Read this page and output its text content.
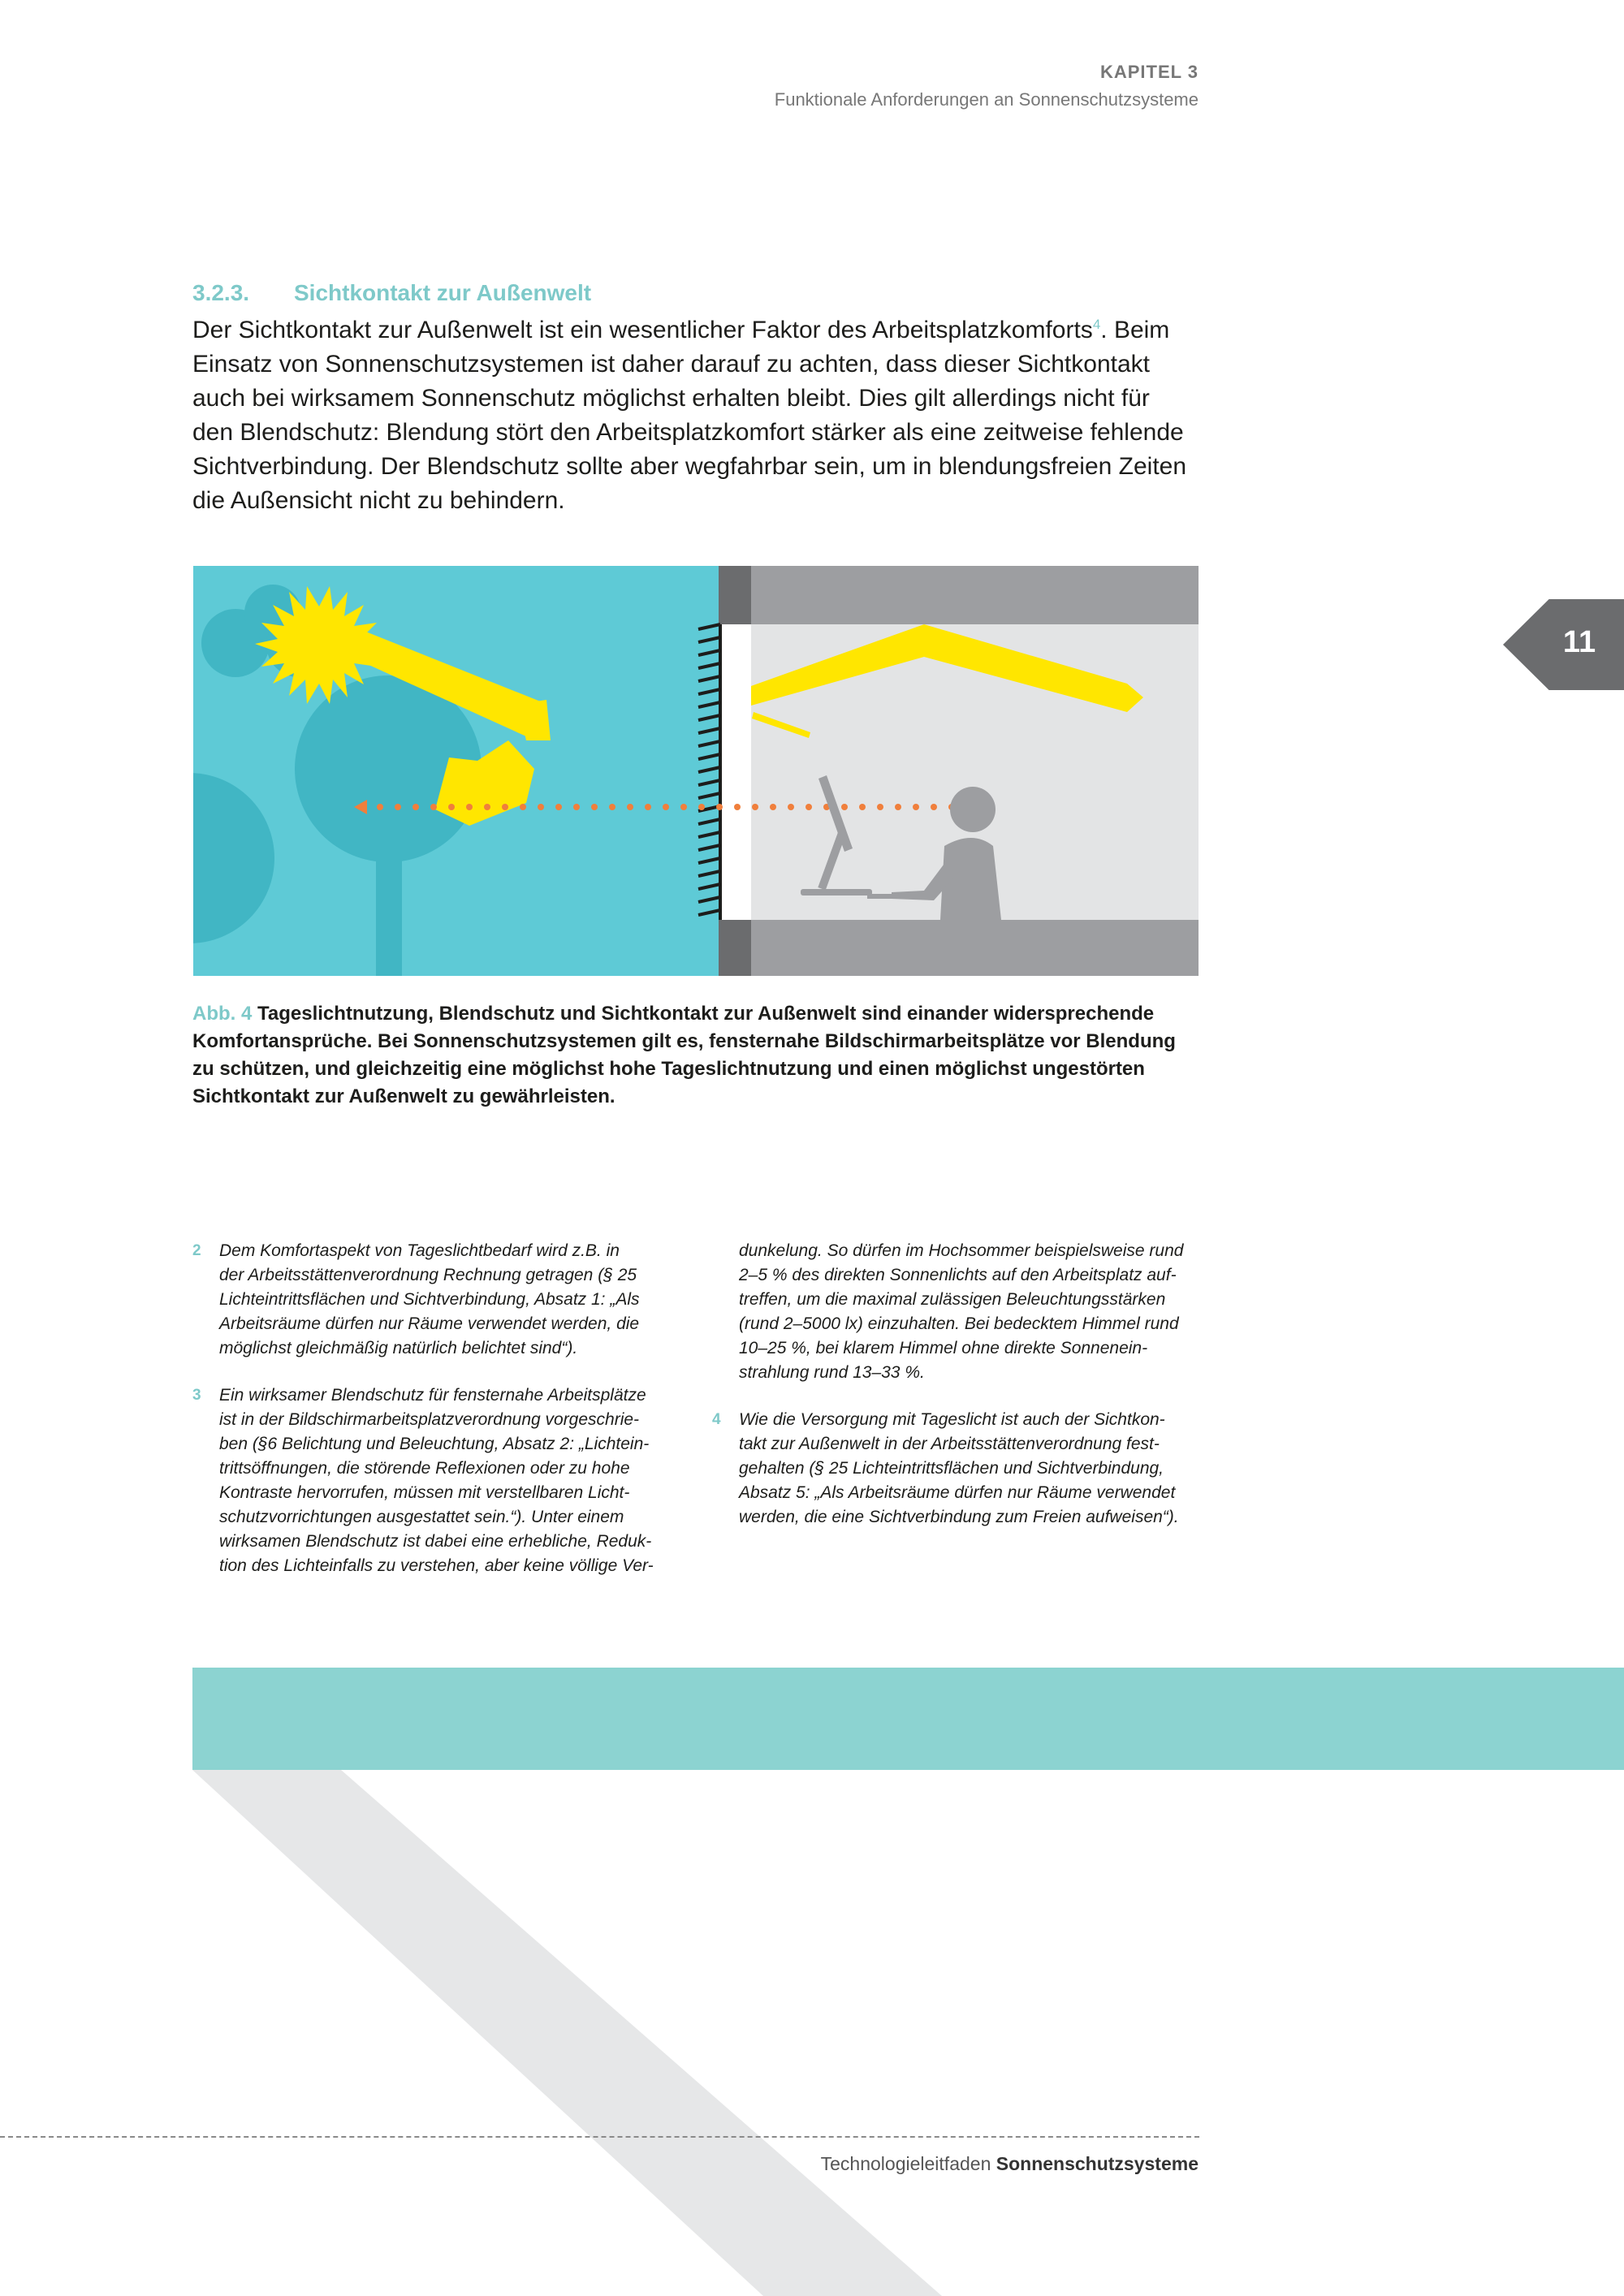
KAPITEL 3
Funktionale Anforderungen an Sonnenschutzsysteme
11
3.2.3. Sichtkontakt zur Außenwelt
Der Sichtkontakt zur Außenwelt ist ein wesentlicher Faktor des Arbeitsplatzkomforts$^4$. Beim
Einsatz von Sonnenschutzsystemen ist daher darauf zu achten, dass dieser Sichtkontakt
auch bei wirksamem Sonnenschutz möglichst erhalten bleibt. Dies gilt allerdings nicht für
den Blendschutz: Blendung stört den Arbeitsplatzkomfort stärker als eine zeitweise fehlende
Sichtverbindung. Der Blendschutz sollte aber wegfahrbar sein, um in blendungsfreien Zeiten
die Außensicht nicht zu behindern.
Abb. 4 Tageslichtnutzung, Blendschutz und Sichtkontakt zur Außenwelt sind einander widersprechende
Komfortansprüche. Bei Sonnenschutzsystemen gilt es, fensternahe Bildschirmarbeitsplätze vor Blendung
zu schützen, und gleichzeitig eine möglichst hohe Tageslichtnutzung und einen möglichst ungestörten
Sichtkontakt zur Außenwelt zu gewährleisten.
2 Dem Komfortaspekt von Tageslichtbedarf wird z.B. in
der Arbeitsstättenverordnung Rechnung getragen (§ 25
Lichteintrittsflächen und Sichtverbindung, Absatz 1: „Als
Arbeitsräume dürfen nur Räume verwendet werden, die
möglichst gleichmäßig natürlich belichtet sind“).
3 Ein wirksamer Blendschutz für fensternahe Arbeitsplätze
ist in der Bildschirmarbeitsplatzverordnung vorgeschrie-
ben (§6 Belichtung und Beleuchtung, Absatz 2: „Lichtein-
trittsöffnungen, die störende Reflexionen oder zu hohe
Kontraste hervorrufen, müssen mit verstellbaren Licht-
schutzvorrichtungen ausgestattet sein.“). Unter einem
wirksamen Blendschutz ist dabei eine erhebliche, Reduk-
tion des Lichteinfalls zu verstehen, aber keine völlige Ver-
dunkelung. So dürfen im Hochsommer beispielsweise rund
2–5 % des direkten Sonnenlichts auf den Arbeitsplatz auf-
treffen, um die maximal zulässigen Beleuchtungsstärken
(rund 2–5000 lx) einzuhalten. Bei bedecktem Himmel rund
10–25 %, bei klarem Himmel ohne direkte Sonnenein-
strahlung rund 13–33 %.
4 Wie die Versorgung mit Tageslicht ist auch der Sichtkon-
takt zur Außenwelt in der Arbeitsstättenverordnung fest-
gehalten (§ 25 Lichteintrittsflächen und Sichtverbindung,
Absatz 5: „Als Arbeitsräume dürfen nur Räume verwendet
werden, die eine Sichtverbindung zum Freien aufweisen“).
Technologieleitfaden Sonnenschutzsysteme
